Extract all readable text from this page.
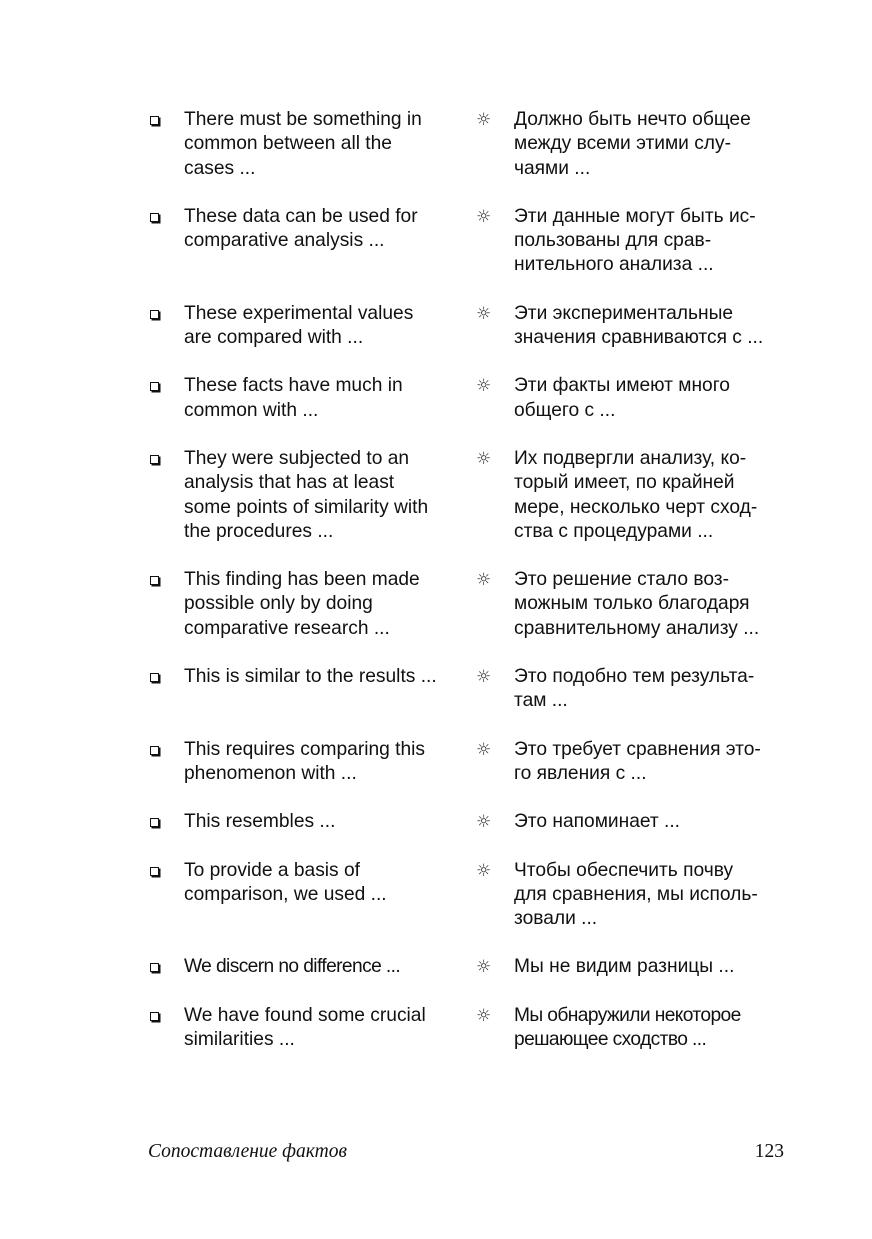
There must be something in
common between all the
cases ...
☼	Должно быть нечто общее
между всеми этими слу-
чаями ...
These data can be used for
comparative analysis ...
☼	Эти данные могут быть ис-
пользованы для срав-
нительного анализа ...
These experimental values
are compared with ...
☼	Эти экспериментальные
значения сравниваются с ...
These facts have much in
common with ...
☼	Эти факты имеют много
общего с ...
They were subjected to an
analysis that has at least
some points of similarity with
the procedures ...
☼	Их подвергли анализу, ко-
торый имеет, по крайней
мере, несколько черт сход-
ства с процедурами ...
This finding has been made
possible only by doing
comparative research ...
☼	Это решение стало воз-
можным только благодаря
сравнительному анализу ...
This is similar to the results ...	☼	Это подобно тем результа-
там ...
This requires comparing this
phenomenon with ...
☼	Это требует сравнения это-
го явления с ...
This resembles ...	☼	Это напоминает ...
To provide a basis of
comparison, we used ...
☼	Чтобы обеспечить почву
для сравнения, мы исполь-
зовали ...
We discern no difference ...	☼	Мы не видим разницы ...
We have found some crucial
similarities ...
☼	Мы обнаружили некоторое
решающее сходство ...
Сопоставление фактов	123
